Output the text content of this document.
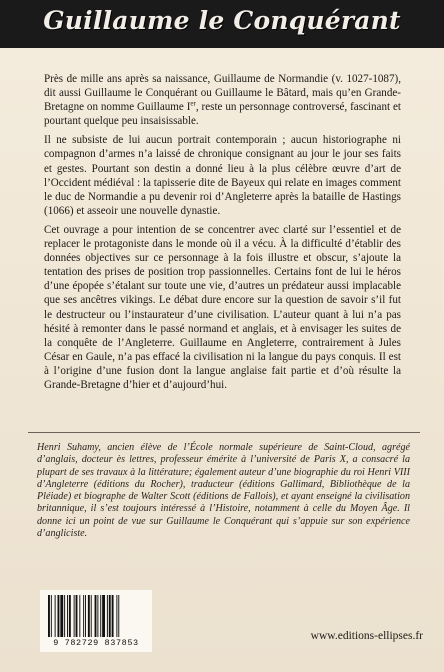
Guillaume le Conquérant

Près de mille ans après sa naissance, Guillaume de Normandie (v. 1027-1087), dit aussi Guillaume le Conquérant ou Guillaume le Bâtard, mais qu’en Grande-Bretagne on nomme Guillaume Ier, reste un personnage controversé, fascinant et pourtant quelque peu insaisissable.

Il ne subsiste de lui aucun portrait contemporain ; aucun historiographe ni compagnon d’armes n’a laissé de chronique consignant au jour le jour ses faits et gestes. Pourtant son destin a donné lieu à la plus célèbre œuvre d’art de l’Occident médiéval : la tapisserie dite de Bayeux qui relate en images comment le duc de Normandie a pu devenir roi d’Angleterre après la bataille de Hastings (1066) et asseoir une nouvelle dynastie.

Cet ouvrage a pour intention de se concentrer avec clarté sur l’essentiel et de replacer le protagoniste dans le monde où il a vécu. À la difficulté d’établir des données objectives sur ce personnage à la fois illustre et obscur, s’ajoute la tentation des prises de position trop passionnelles. Certains font de lui le héros d’une épopée s’étalant sur toute une vie, d’autres un prédateur aussi implacable que ses ancêtres vikings. Le débat dure encore sur la question de savoir s’il fut le destructeur ou l’instaurateur d’une civilisation. L’auteur quant à lui n’a pas hésité à remonter dans le passé normand et anglais, et à envisager les suites de la conquête de l’Angleterre. Guillaume en Angleterre, contrairement à Jules César en Gaule, n’a pas effacé la civilisation ni la langue du pays conquis. Il est à l’origine d’une fusion dont la langue anglaise fait partie et d’où résulte la Grande-Bretagne d’hier et d’aujourd’hui.

Henri Suhamy, ancien élève de l’École normale supérieure de Saint-Cloud, agrégé d’anglais, docteur ès lettres, professeur émérite à l’université de Paris X, a consacré la plupart de ses travaux à la littérature; également auteur d’une biographie du roi Henri VIII d’Angleterre (éditions du Rocher), traducteur (éditions Gallimard, Bibliothèque de la Pléiade) et biographe de Walter Scott (éditions de Fallois), et ayant enseigné la civilisation britannique, il s’est toujours intéressé à l’Histoire, notamment à celle du Moyen Âge. Il donne ici un point de vue sur Guillaume le Conquérant qui s’appuie sur son expérience d’angliciste.
9 782729 837853
www.editions-ellipses.fr
